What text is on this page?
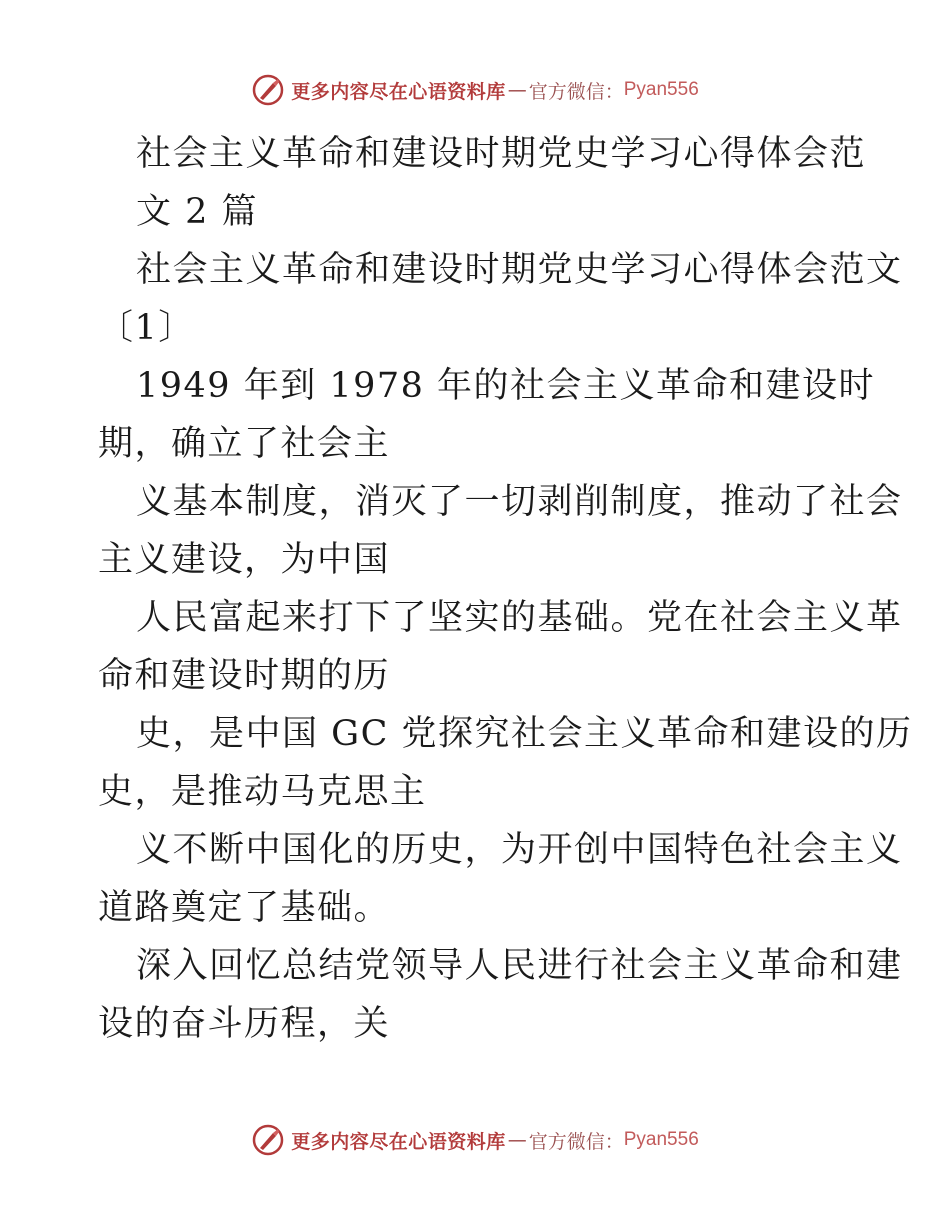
更多内容尽在心语资料库 — 官方微信： Pyan556
社会主义革命和建设时期党史学习心得体会范
文 2 篇
社会主义革命和建设时期党史学习心得体会范文
〔1〕
1949 年到 1978 年的社会主义革命和建设时
期，确立了社会主
义基本制度，消灭了一切剥削制度，推动了社会
主义建设，为中国
人民富起来打下了坚实的基础。党在社会主义革
命和建设时期的历
史，是中国 GC 党探究社会主义革命和建设的历
史，是推动马克思主
义不断中国化的历史，为开创中国特色社会主义
道路奠定了基础。
深入回忆总结党领导人民进行社会主义革命和建
设的奋斗历程，关
更多内容尽在心语资料库 — 官方微信： Pyan556
